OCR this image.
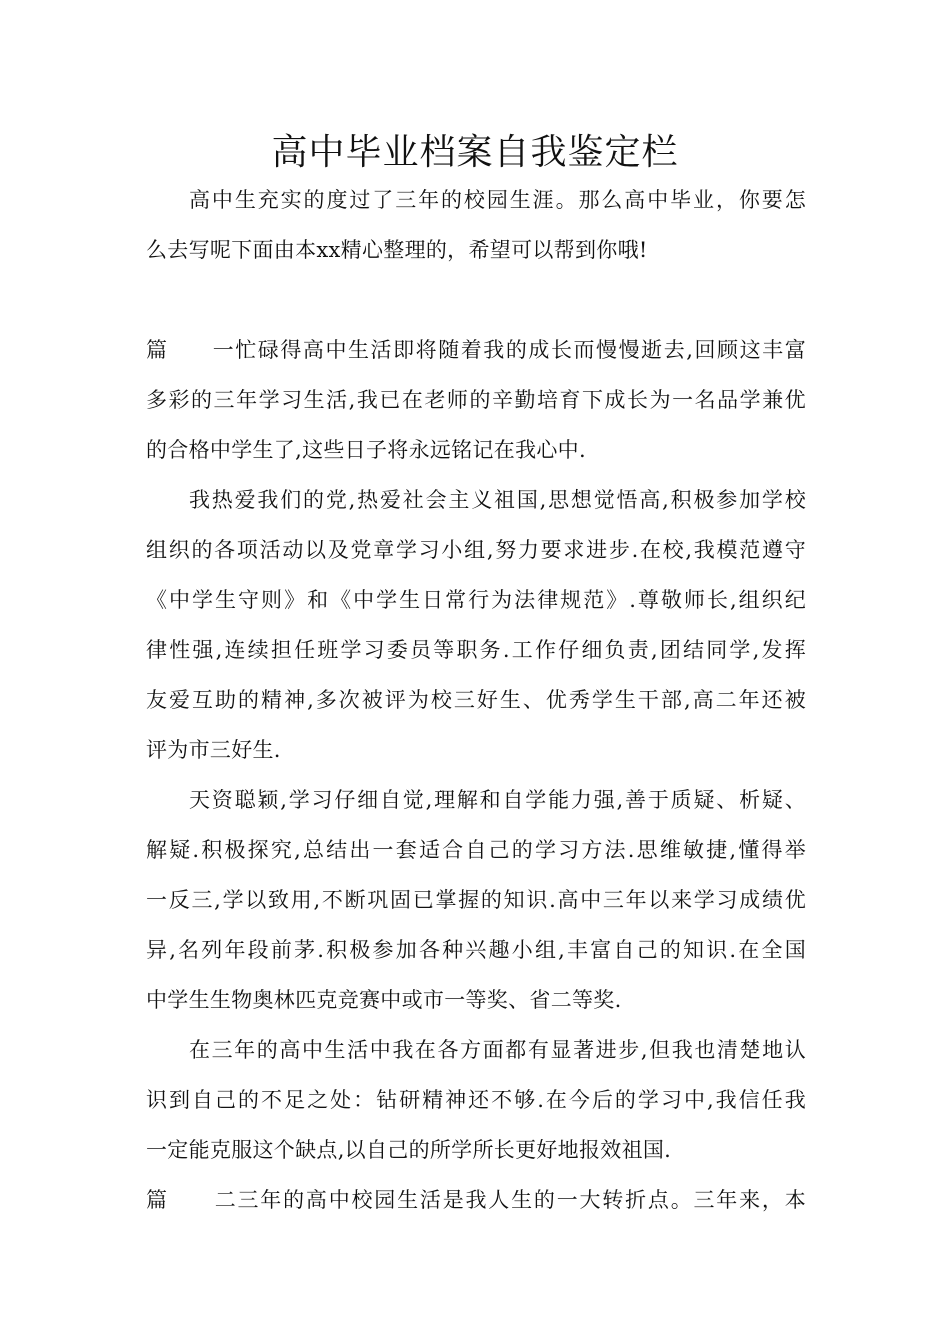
高中毕业档案自我鉴定栏
高中生充实的度过了三年的校园生涯。那么高中毕业，你要怎
么去写呢下面由本xx精心整理的，希望可以帮到你哦!
篇一忙碌得高中生活即将随着我的成长而慢慢逝去,回顾这丰富
多彩的三年学习生活,我已在老师的辛勤培育下成长为一名品学兼优
的合格中学生了,这些日子将永远铭记在我心中.
我热爱我们的党,热爱社会主义祖国,思想觉悟高,积极参加学校
组织的各项活动以及党章学习小组,努力要求进步.在校,我模范遵守
《中学生守则》和《中学生日常行为法律规范》.尊敬师长,组织纪
律性强,连续担任班学习委员等职务.工作仔细负责,团结同学,发挥
友爱互助的精神,多次被评为校三好生、优秀学生干部,高二年还被
评为市三好生.
天资聪颖,学习仔细自觉,理解和自学能力强,善于质疑、析疑、
解疑.积极探究,总结出一套适合自己的学习方法.思维敏捷,懂得举
一反三,学以致用,不断巩固已掌握的知识.高中三年以来学习成绩优
异,名列年段前茅.积极参加各种兴趣小组,丰富自己的知识.在全国
中学生生物奥林匹克竞赛中或市一等奖、省二等奖.
在三年的高中生活中我在各方面都有显著进步,但我也清楚地认
识到自己的不足之处：钻研精神还不够.在今后的学习中,我信任我
一定能克服这个缺点,以自己的所学所长更好地报效祖国.
篇二三年的高中校园生活是我人生的一大转折点。三年来，本
